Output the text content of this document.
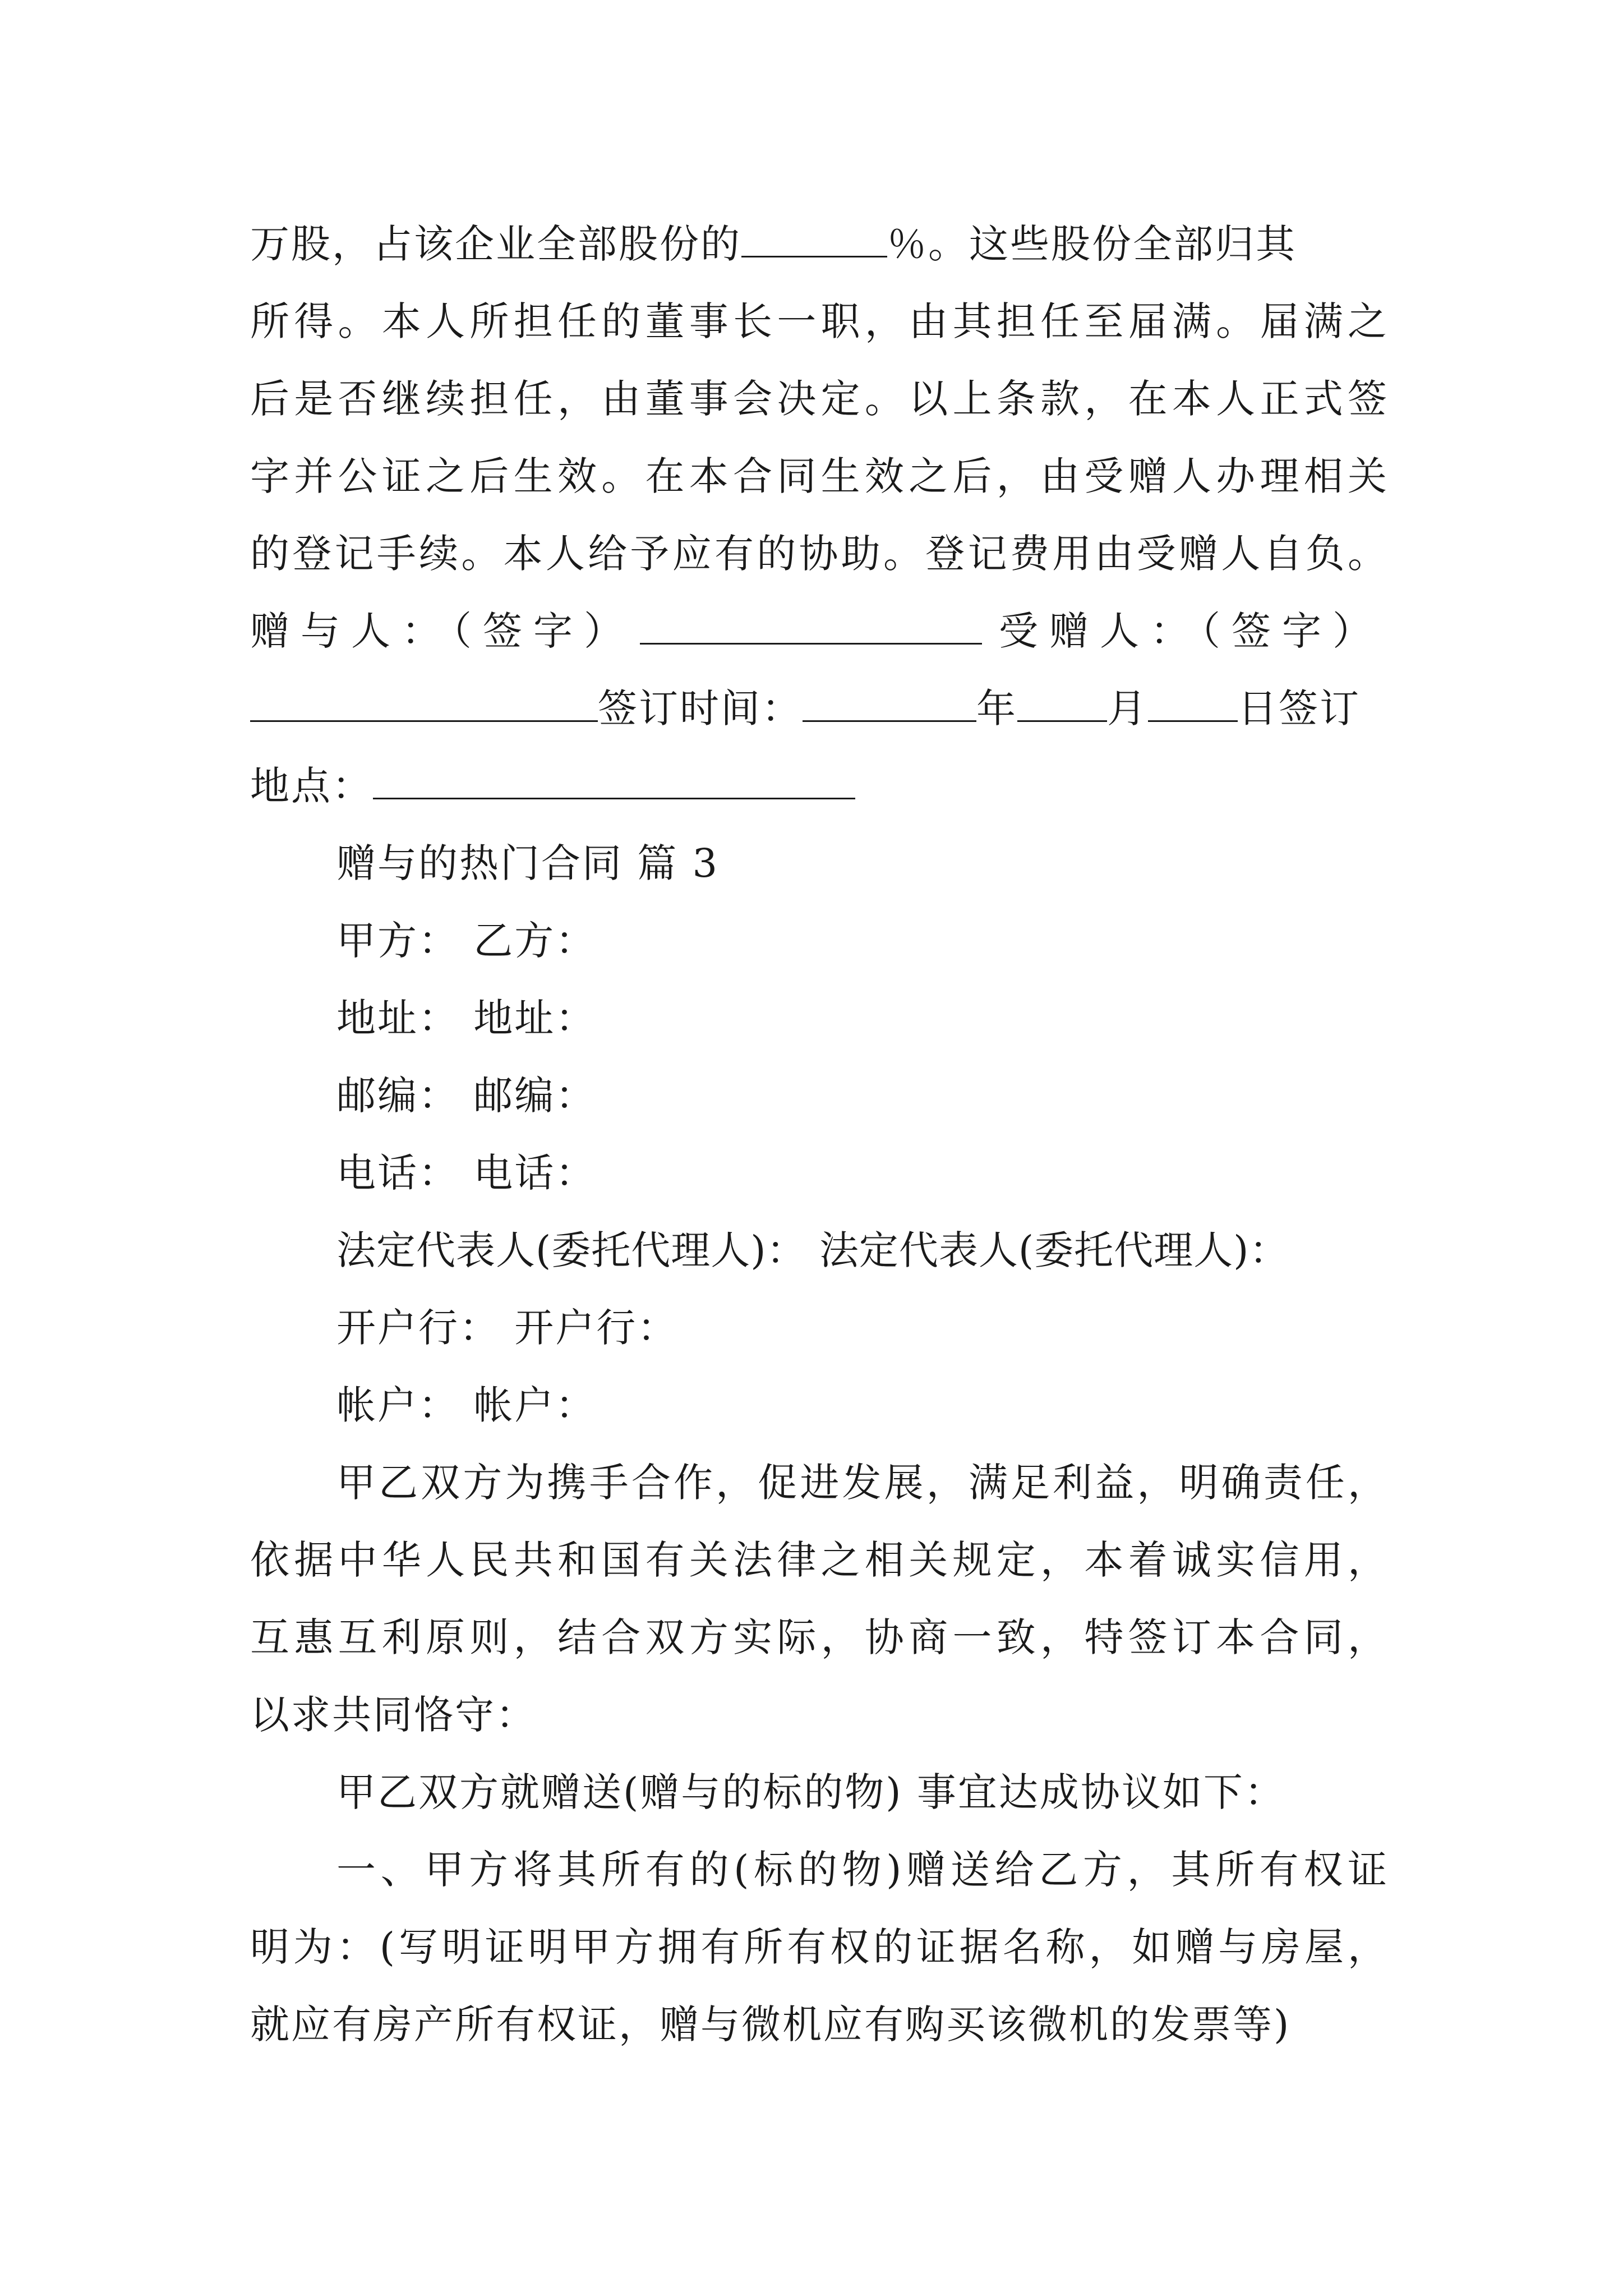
万股，占该企业全部股份的	％。这些股份全部归其
所得。本人所担任的董事长一职，由其担任至届满。届满之
后是否继续担任，由董事会决定。以上条款，在本人正式签
字并公证之后生效。在本合同生效之后，由受赠人办理相关
的登记手续。本人给予应有的协助。登记费用由受赠人自负。
赠与人：（签字）	受赠人：（签字）
签订时间：	年 月 日签订
地点：
赠与的热门合同 篇 3
甲方： 乙方：
地址： 地址：
邮编： 邮编：
电话： 电话：
法定代表人(委托代理人)： 法定代表人(委托代理人)：
开户行： 开户行：
帐户： 帐户：
甲乙双方为携手合作，促进发展，满足利益，明确责任，
依据中华人民共和国有关法律之相关规定，本着诚实信用，
互惠互利原则，结合双方实际，协商一致，特签订本合同，
以求共同恪守：
甲乙双方就赠送(赠与的标的物) 事宜达成协议如下：
一、甲方将其所有的(标的物)赠送给乙方，其所有权证
明为：(写明证明甲方拥有所有权的证据名称，如赠与房屋，
就应有房产所有权证，赠与微机应有购买该微机的发票等)
